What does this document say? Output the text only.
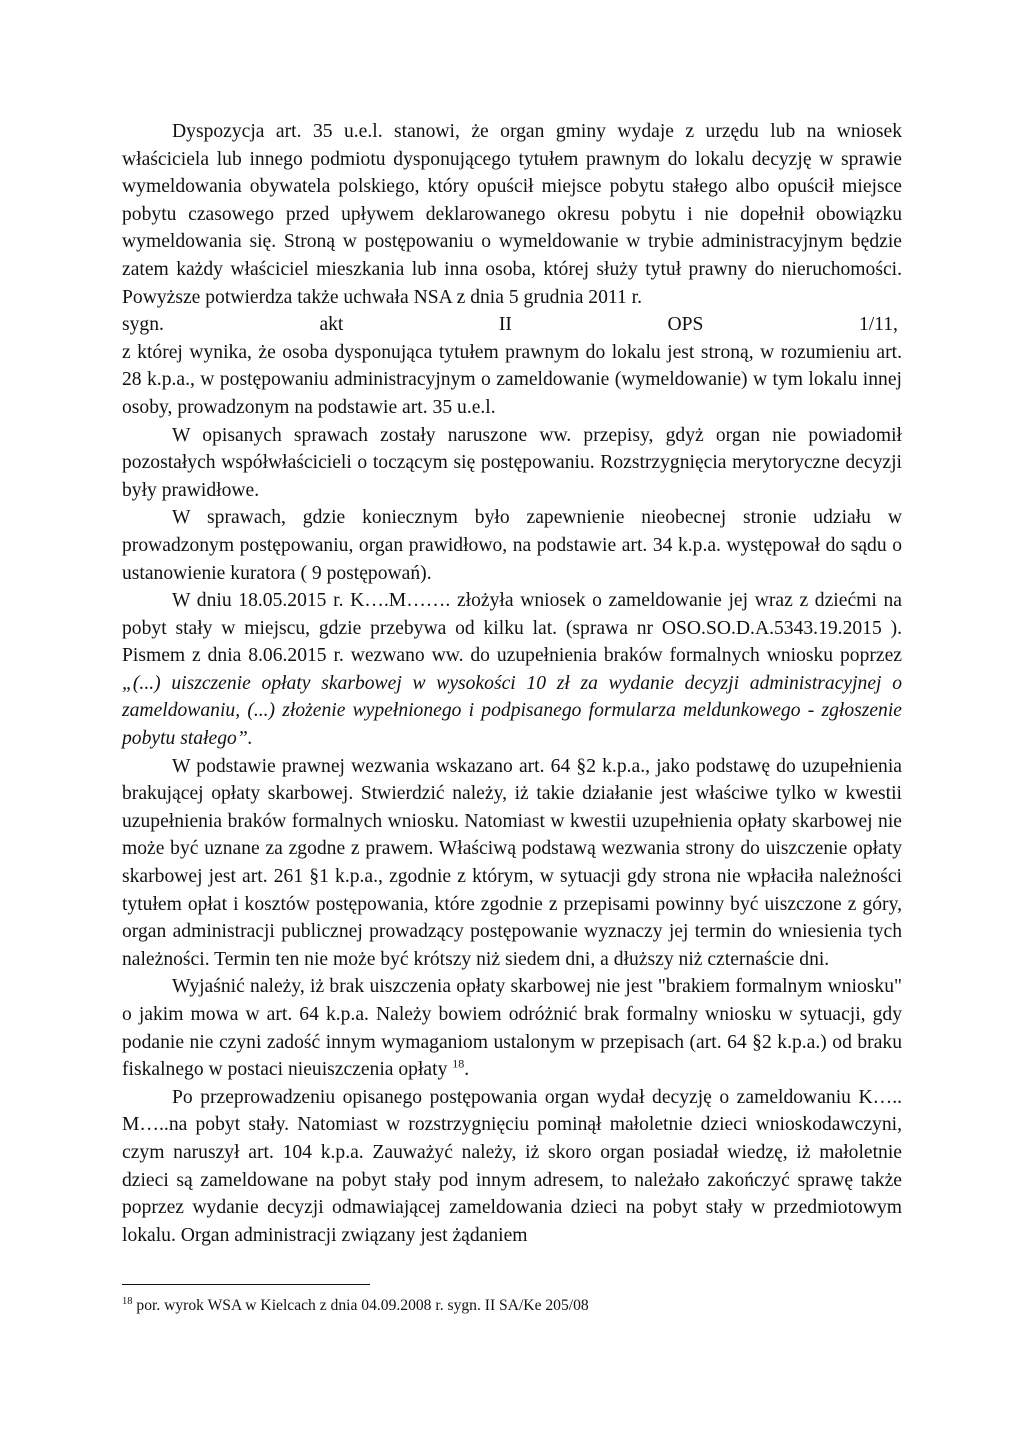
Dyspozycja art. 35 u.e.l. stanowi, że organ gminy wydaje z urzędu lub na wniosek właściciela lub innego podmiotu dysponującego tytułem prawnym do lokalu decyzję w sprawie wymeldowania obywatela polskiego, który opuścił miejsce pobytu stałego albo opuścił miejsce pobytu czasowego przed upływem deklarowanego okresu pobytu i nie dopełnił obowiązku wymeldowania się. Stroną w postępowaniu o wymeldowanie w trybie administracyjnym będzie zatem każdy właściciel mieszkania lub inna osoba, której służy tytuł prawny do nieruchomości. Powyższe potwierdza także uchwała NSA z dnia 5 grudnia 2011 r.

sygn.	akt	II	OPS	1/11,

z której wynika, że osoba dysponująca tytułem prawnym do lokalu jest stroną, w rozumieniu art. 28 k.p.a., w postępowaniu administracyjnym o zameldowanie (wymeldowanie) w tym lokalu innej osoby, prowadzonym na podstawie art. 35 u.e.l.

W opisanych sprawach zostały naruszone ww. przepisy, gdyż organ nie powiadomił pozostałych współwłaścicieli o toczącym się postępowaniu. Rozstrzygnięcia merytoryczne decyzji były prawidłowe.

W sprawach, gdzie koniecznym było zapewnienie nieobecnej stronie udziału w prowadzonym postępowaniu, organ prawidłowo, na podstawie art. 34 k.p.a. występował do sądu o ustanowienie kuratora ( 9 postępowań).

W dniu 18.05.2015 r. K….M……. złożyła wniosek o zameldowanie jej wraz z dziećmi na pobyt stały w miejscu, gdzie przebywa od kilku lat. (sprawa nr OSO.SO.D.A.5343.19.2015 ). Pismem z dnia 8.06.2015 r. wezwano ww. do uzupełnienia braków formalnych wniosku poprzez „(...) uiszczenie opłaty skarbowej w wysokości 10 zł za wydanie decyzji administracyjnej o zameldowaniu, (...) złożenie wypełnionego i podpisanego formularza meldunkowego - zgłoszenie pobytu stałego”.

W podstawie prawnej wezwania wskazano art. 64 §2 k.p.a., jako podstawę do uzupełnienia brakującej opłaty skarbowej. Stwierdzić należy, iż takie działanie jest właściwe tylko w kwestii uzupełnienia braków formalnych wniosku. Natomiast w kwestii uzupełnienia opłaty skarbowej nie może być uznane za zgodne z prawem. Właściwą podstawą wezwania strony do uiszczenie opłaty skarbowej jest art. 261 §1 k.p.a., zgodnie z którym, w sytuacji gdy strona nie wpłaciła należności tytułem opłat i kosztów postępowania, które zgodnie z przepisami powinny być uiszczone z góry, organ administracji publicznej prowadzący postępowanie wyznaczy jej termin do wniesienia tych należności. Termin ten nie może być krótszy niż siedem dni, a dłuższy niż czternaście dni.

Wyjaśnić należy, iż brak uiszczenia opłaty skarbowej nie jest "brakiem formalnym wniosku" o jakim mowa w art. 64 k.p.a. Należy bowiem odróżnić brak formalny wniosku w sytuacji, gdy podanie nie czyni zadość innym wymaganiom ustalonym w przepisach (art. 64 §2 k.p.a.) od braku fiskalnego w postaci nieuiszczenia opłaty $^{18}$.

Po przeprowadzeniu opisanego postępowania organ wydał decyzję o zameldowaniu K….. M…..na pobyt stały. Natomiast w rozstrzygnięciu pominął małoletnie dzieci wnioskodawczyni, czym naruszył art. 104 k.p.a. Zauważyć należy, iż skoro organ posiadał wiedzę, iż małoletnie dzieci są zameldowane na pobyt stały pod innym adresem, to należało zakończyć sprawę także poprzez wydanie decyzji odmawiającej zameldowania dzieci na pobyt stały w przedmiotowym lokalu. Organ administracji związany jest żądaniem

$^{18}$ por. wyrok WSA w Kielcach z dnia 04.09.2008 r. sygn. II SA/Ke 205/08
